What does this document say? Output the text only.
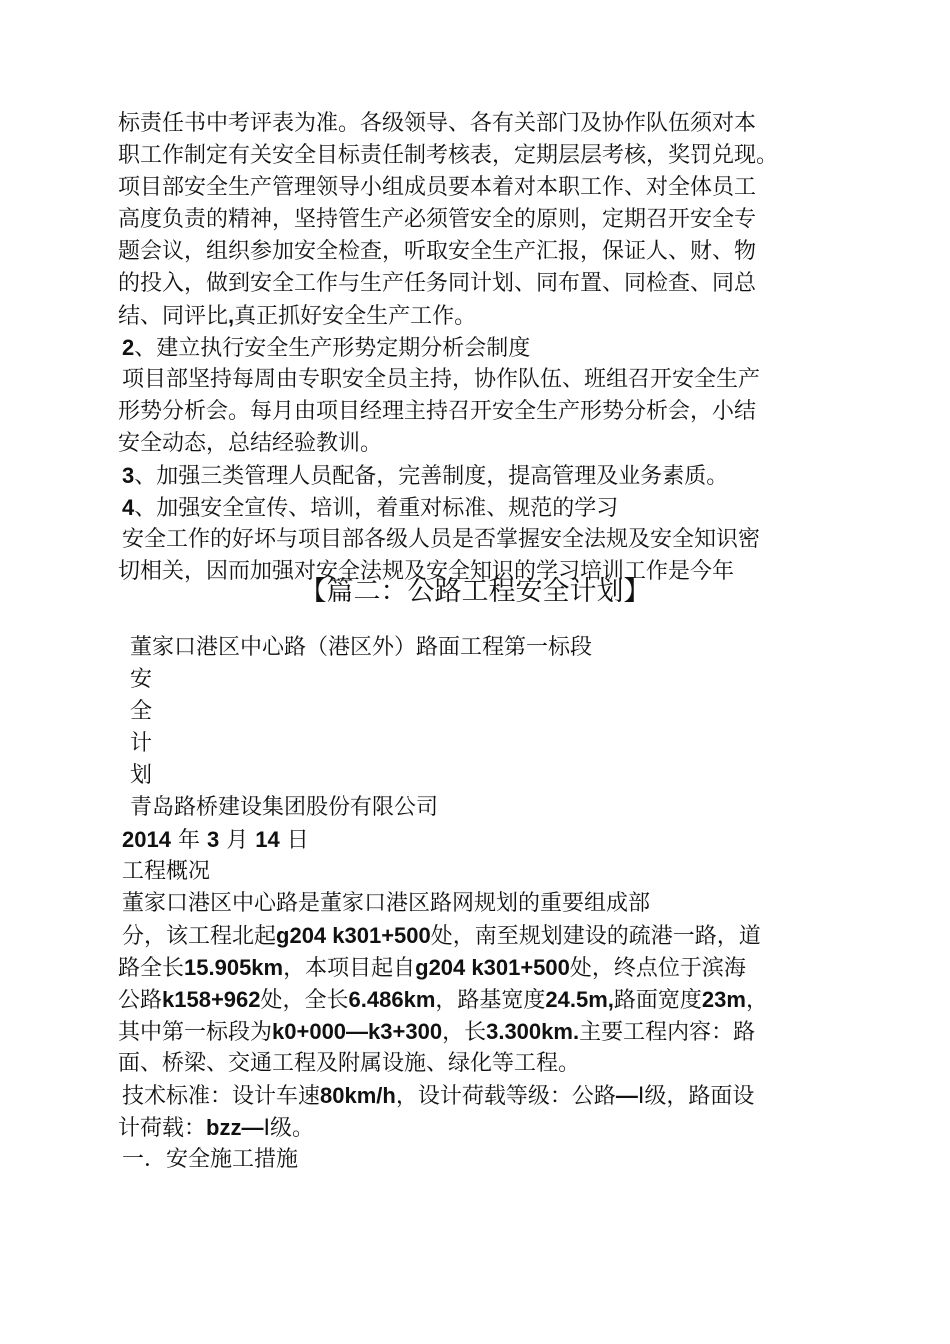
标责任书中考评表为准。各级领导、各有关部门及协作队伍须对本
职工作制定有关安全目标责任制考核表，定期层层考核，奖罚兑现。
项目部安全生产管理领导小组成员要本着对本职工作、对全体员工
高度负责的精神，坚持管生产必须管安全的原则，定期召开安全专
题会议，组织参加安全检查，听取安全生产汇报，保证人、财、物
的投入，做到安全工作与生产任务同计划、同布置、同检查、同总
结、同评比,真正抓好安全生产工作。
2、建立执行安全生产形势定期分析会制度
项目部坚持每周由专职安全员主持，协作队伍、班组召开安全生产
形势分析会。每月由项目经理主持召开安全生产形势分析会，小结
安全动态，总结经验教训。
3、加强三类管理人员配备，完善制度，提高管理及业务素质。
4、加强安全宣传、培训，着重对标准、规范的学习
安全工作的好坏与项目部各级人员是否掌握安全法规及安全知识密
切相关，因而加强对安全法规及安全知识的学习培训工作是今年
【篇二：公路工程安全计划】
董家口港区中心路（港区外）路面工程第一标段
安
全
计
划
青岛路桥建设集团股份有限公司
2014 年 3 月 14 日
工程概况
董家口港区中心路是董家口港区路网规划的重要组成部
分，该工程北起g204 k301+500处，南至规划建设的疏港一路，道
路全长15.905km，本项目起自g204 k301+500处，终点位于滨海
公路k158+962处，全长6.486km，路基宽度24.5m,路面宽度23m，
其中第一标段为k0+000—k3+300，长3.300km.主要工程内容：路
面、桥梁、交通工程及附属设施、绿化等工程。
技术标准：设计车速80km/h，设计荷载等级：公路—Ⅰ级，路面设
计荷载：bzz—Ⅰ级。
一．安全施工措施
